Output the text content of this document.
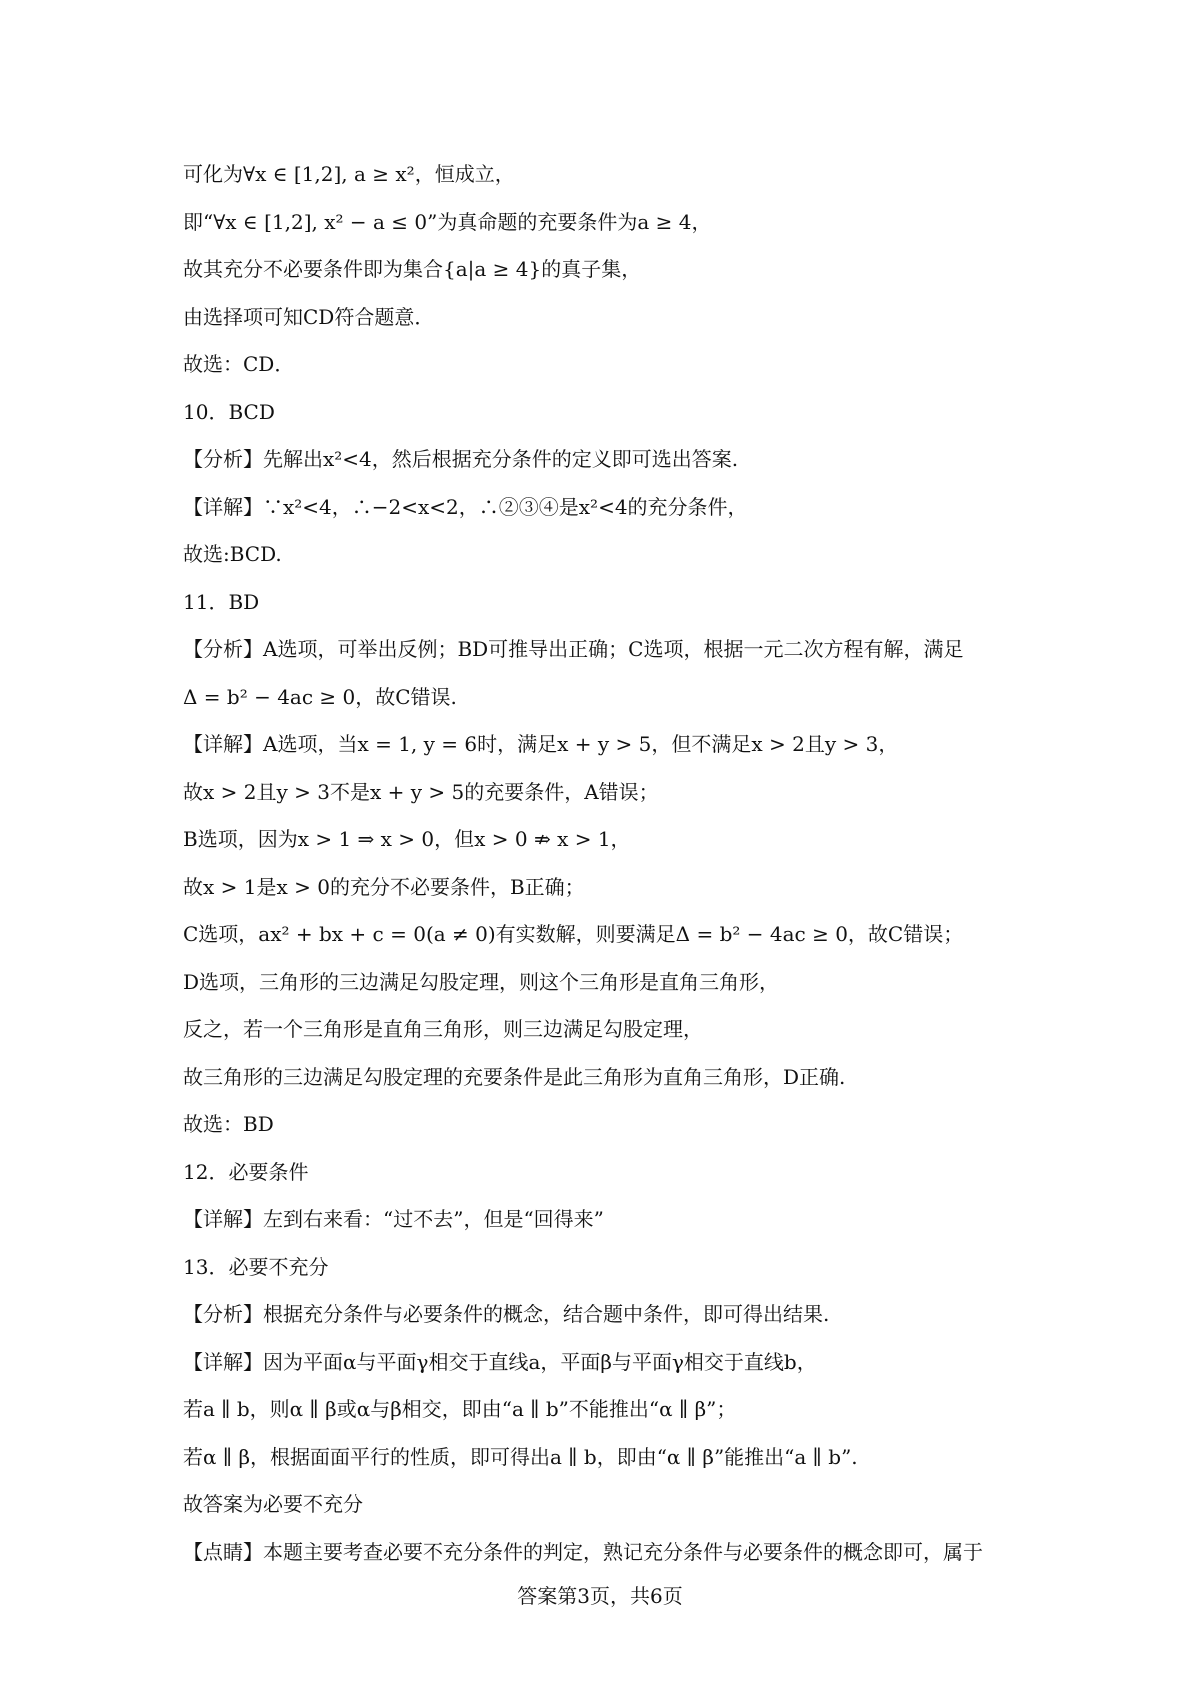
可化为∀x ∈ [1,2], a ≥ x²，恒成立，
即“∀x ∈ [1,2], x² − a ≤ 0”为真命题的充要条件为a ≥ 4，
故其充分不必要条件即为集合{a|a ≥ 4}的真子集，
由选择项可知CD符合题意．
故选：CD．
10．BCD
【分析】先解出x²<4，然后根据充分条件的定义即可选出答案.
【详解】∵x²<4，∴−2<x<2，∴②③④是x²<4的充分条件，
故选:BCD.
11．BD
【分析】A选项，可举出反例；BD可推导出正确；C选项，根据一元二次方程有解，满足
Δ = b² − 4ac ≥ 0，故C错误.
【详解】A选项，当x = 1, y = 6时，满足x + y > 5，但不满足x > 2且y > 3，
故x > 2且y > 3不是x + y > 5的充要条件，A错误；
B选项，因为x > 1 ⇒ x > 0，但x > 0 ⇏ x > 1，
故x > 1是x > 0的充分不必要条件，B正确；
C选项，ax² + bx + c = 0(a ≠ 0)有实数解，则要满足Δ = b² − 4ac ≥ 0，故C错误；
D选项，三角形的三边满足勾股定理，则这个三角形是直角三角形，
反之，若一个三角形是直角三角形，则三边满足勾股定理，
故三角形的三边满足勾股定理的充要条件是此三角形为直角三角形，D正确.
故选：BD
12．必要条件
【详解】左到右来看：“过不去”，但是“回得来”
13．必要不充分
【分析】根据充分条件与必要条件的概念，结合题中条件，即可得出结果.
【详解】因为平面α与平面γ相交于直线a，平面β与平面γ相交于直线b，
若a ∥ b，则α ∥ β或α与β相交，即由“a ∥ b”不能推出“α ∥ β”；
若α ∥ β，根据面面平行的性质，即可得出a ∥ b，即由“α ∥ β”能推出“a ∥ b”.
故答案为必要不充分
【点睛】本题主要考查必要不充分条件的判定，熟记充分条件与必要条件的概念即可，属于
答案第3页，共6页
